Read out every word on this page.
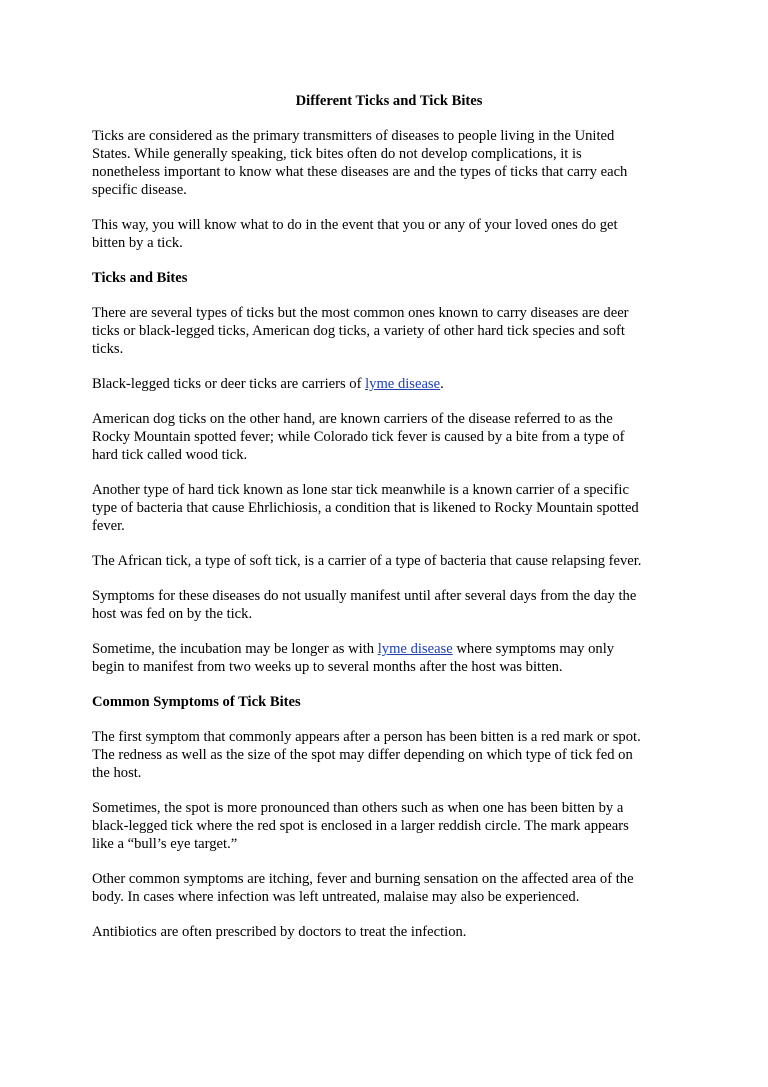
Different Ticks and Tick Bites
Ticks are considered as the primary transmitters of diseases to people living in the United
States. While generally speaking, tick bites often do not develop complications, it is
nonetheless important to know what these diseases are and the types of ticks that carry each
specific disease.
This way, you will know what to do in the event that you or any of your loved ones do get
bitten by a tick.
Ticks and Bites
There are several types of ticks but the most common ones known to carry diseases are deer
ticks or black-legged ticks, American dog ticks, a variety of other hard tick species and soft
ticks.
Black-legged ticks or deer ticks are carriers of lyme disease.
American dog ticks on the other hand, are known carriers of the disease referred to as the
Rocky Mountain spotted fever; while Colorado tick fever is caused by a bite from a type of
hard tick called wood tick.
Another type of hard tick known as lone star tick meanwhile is a known carrier of a specific
type of bacteria that cause Ehrlichiosis, a condition that is likened to Rocky Mountain spotted
fever.
The African tick, a type of soft tick, is a carrier of a type of bacteria that cause relapsing fever.
Symptoms for these diseases do not usually manifest until after several days from the day the
host was fed on by the tick.
Sometime, the incubation may be longer as with lyme disease where symptoms may only
begin to manifest from two weeks up to several months after the host was bitten.
Common Symptoms of Tick Bites
The first symptom that commonly appears after a person has been bitten is a red mark or spot.
The redness as well as the size of the spot may differ depending on which type of tick fed on
the host.
Sometimes, the spot is more pronounced than others such as when one has been bitten by a
black-legged tick where the red spot is enclosed in a larger reddish circle. The mark appears
like a “bull’s eye target.”
Other common symptoms are itching, fever and burning sensation on the affected area of the
body. In cases where infection was left untreated, malaise may also be experienced.
Antibiotics are often prescribed by doctors to treat the infection.
